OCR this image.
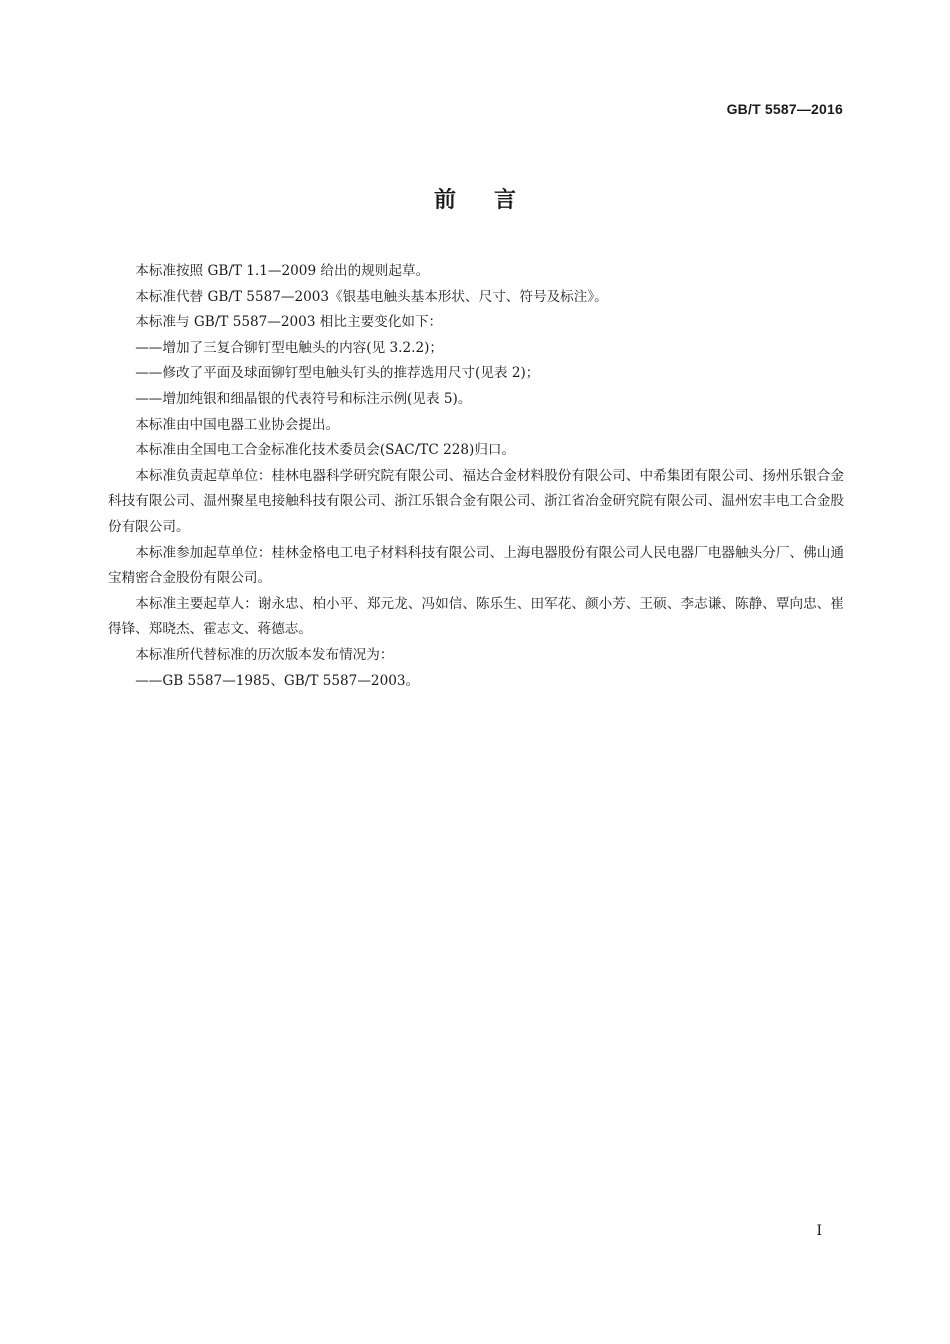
GB/T 5587—2016
前言

本标准按照 GB/T 1.1—2009 给出的规则起草。

本标准代替 GB/T 5587—2003《银基电触头基本形状、尺寸、符号及标注》。

本标准与 GB/T 5587—2003 相比主要变化如下：

——增加了三复合铆钉型电触头的内容(见 3.2.2)；

——修改了平面及球面铆钉型电触头钉头的推荐选用尺寸(见表 2)；

——增加纯银和细晶银的代表符号和标注示例(见表 5)。

本标准由中国电器工业协会提出。

本标准由全国电工合金标准化技术委员会(SAC/TC 228)归口。

本标准负责起草单位：桂林电器科学研究院有限公司、福达合金材料股份有限公司、中希集团有限公司、扬州乐银合金科技有限公司、温州聚星电接触科技有限公司、浙江乐银合金有限公司、浙江省冶金研究院有限公司、温州宏丰电工合金股份有限公司。

本标准参加起草单位：桂林金格电工电子材料科技有限公司、上海电器股份有限公司人民电器厂电器触头分厂、佛山通宝精密合金股份有限公司。

本标准主要起草人：谢永忠、柏小平、郑元龙、冯如信、陈乐生、田军花、颜小芳、王硕、李志谦、陈静、覃向忠、崔得锋、郑晓杰、霍志文、蒋德志。

本标准所代替标准的历次版本发布情况为：

——GB 5587—1985、GB/T 5587—2003。

I
